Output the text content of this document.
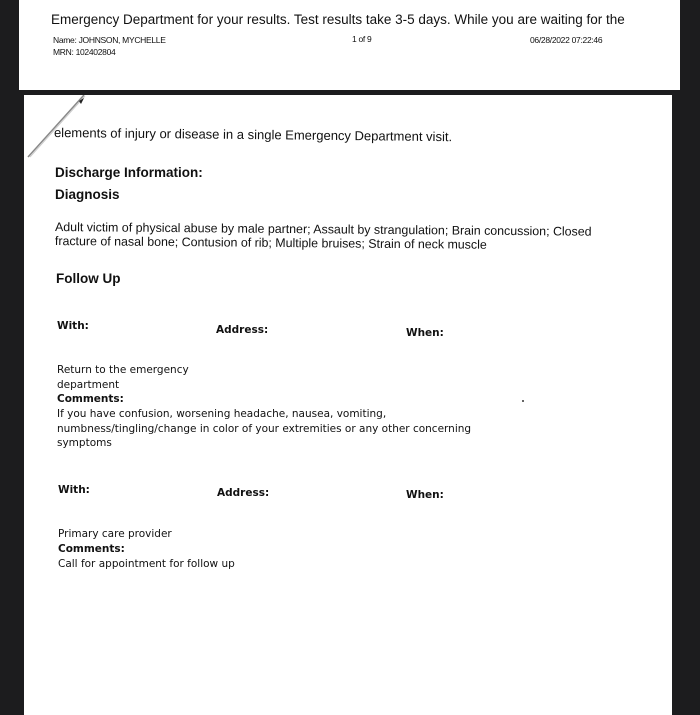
Emergency Department for your results. Test results take 3-5 days. While you are waiting for the
Name: JOHNSON, MYCHELLE
MRN: 102402804
1 of 9	06/28/2022 07:22:46
elements of injury or disease in a single Emergency Department visit.
Discharge Information:
Diagnosis
Adult victim of physical abuse by male partner; Assault by strangulation; Brain concussion; Closed fracture of nasal bone; Contusion of rib; Multiple bruises; Strain of neck muscle
Follow Up
With:	Address:	When:
Return to the emergency
department
Comments:
If you have confusion, worsening headache, nausea, vomiting,
numbness/tingling/change in color of your extremities or any other concerning
symptoms
With:	Address:	When:
Primary care provider
Comments:
Call for appointment for follow up
